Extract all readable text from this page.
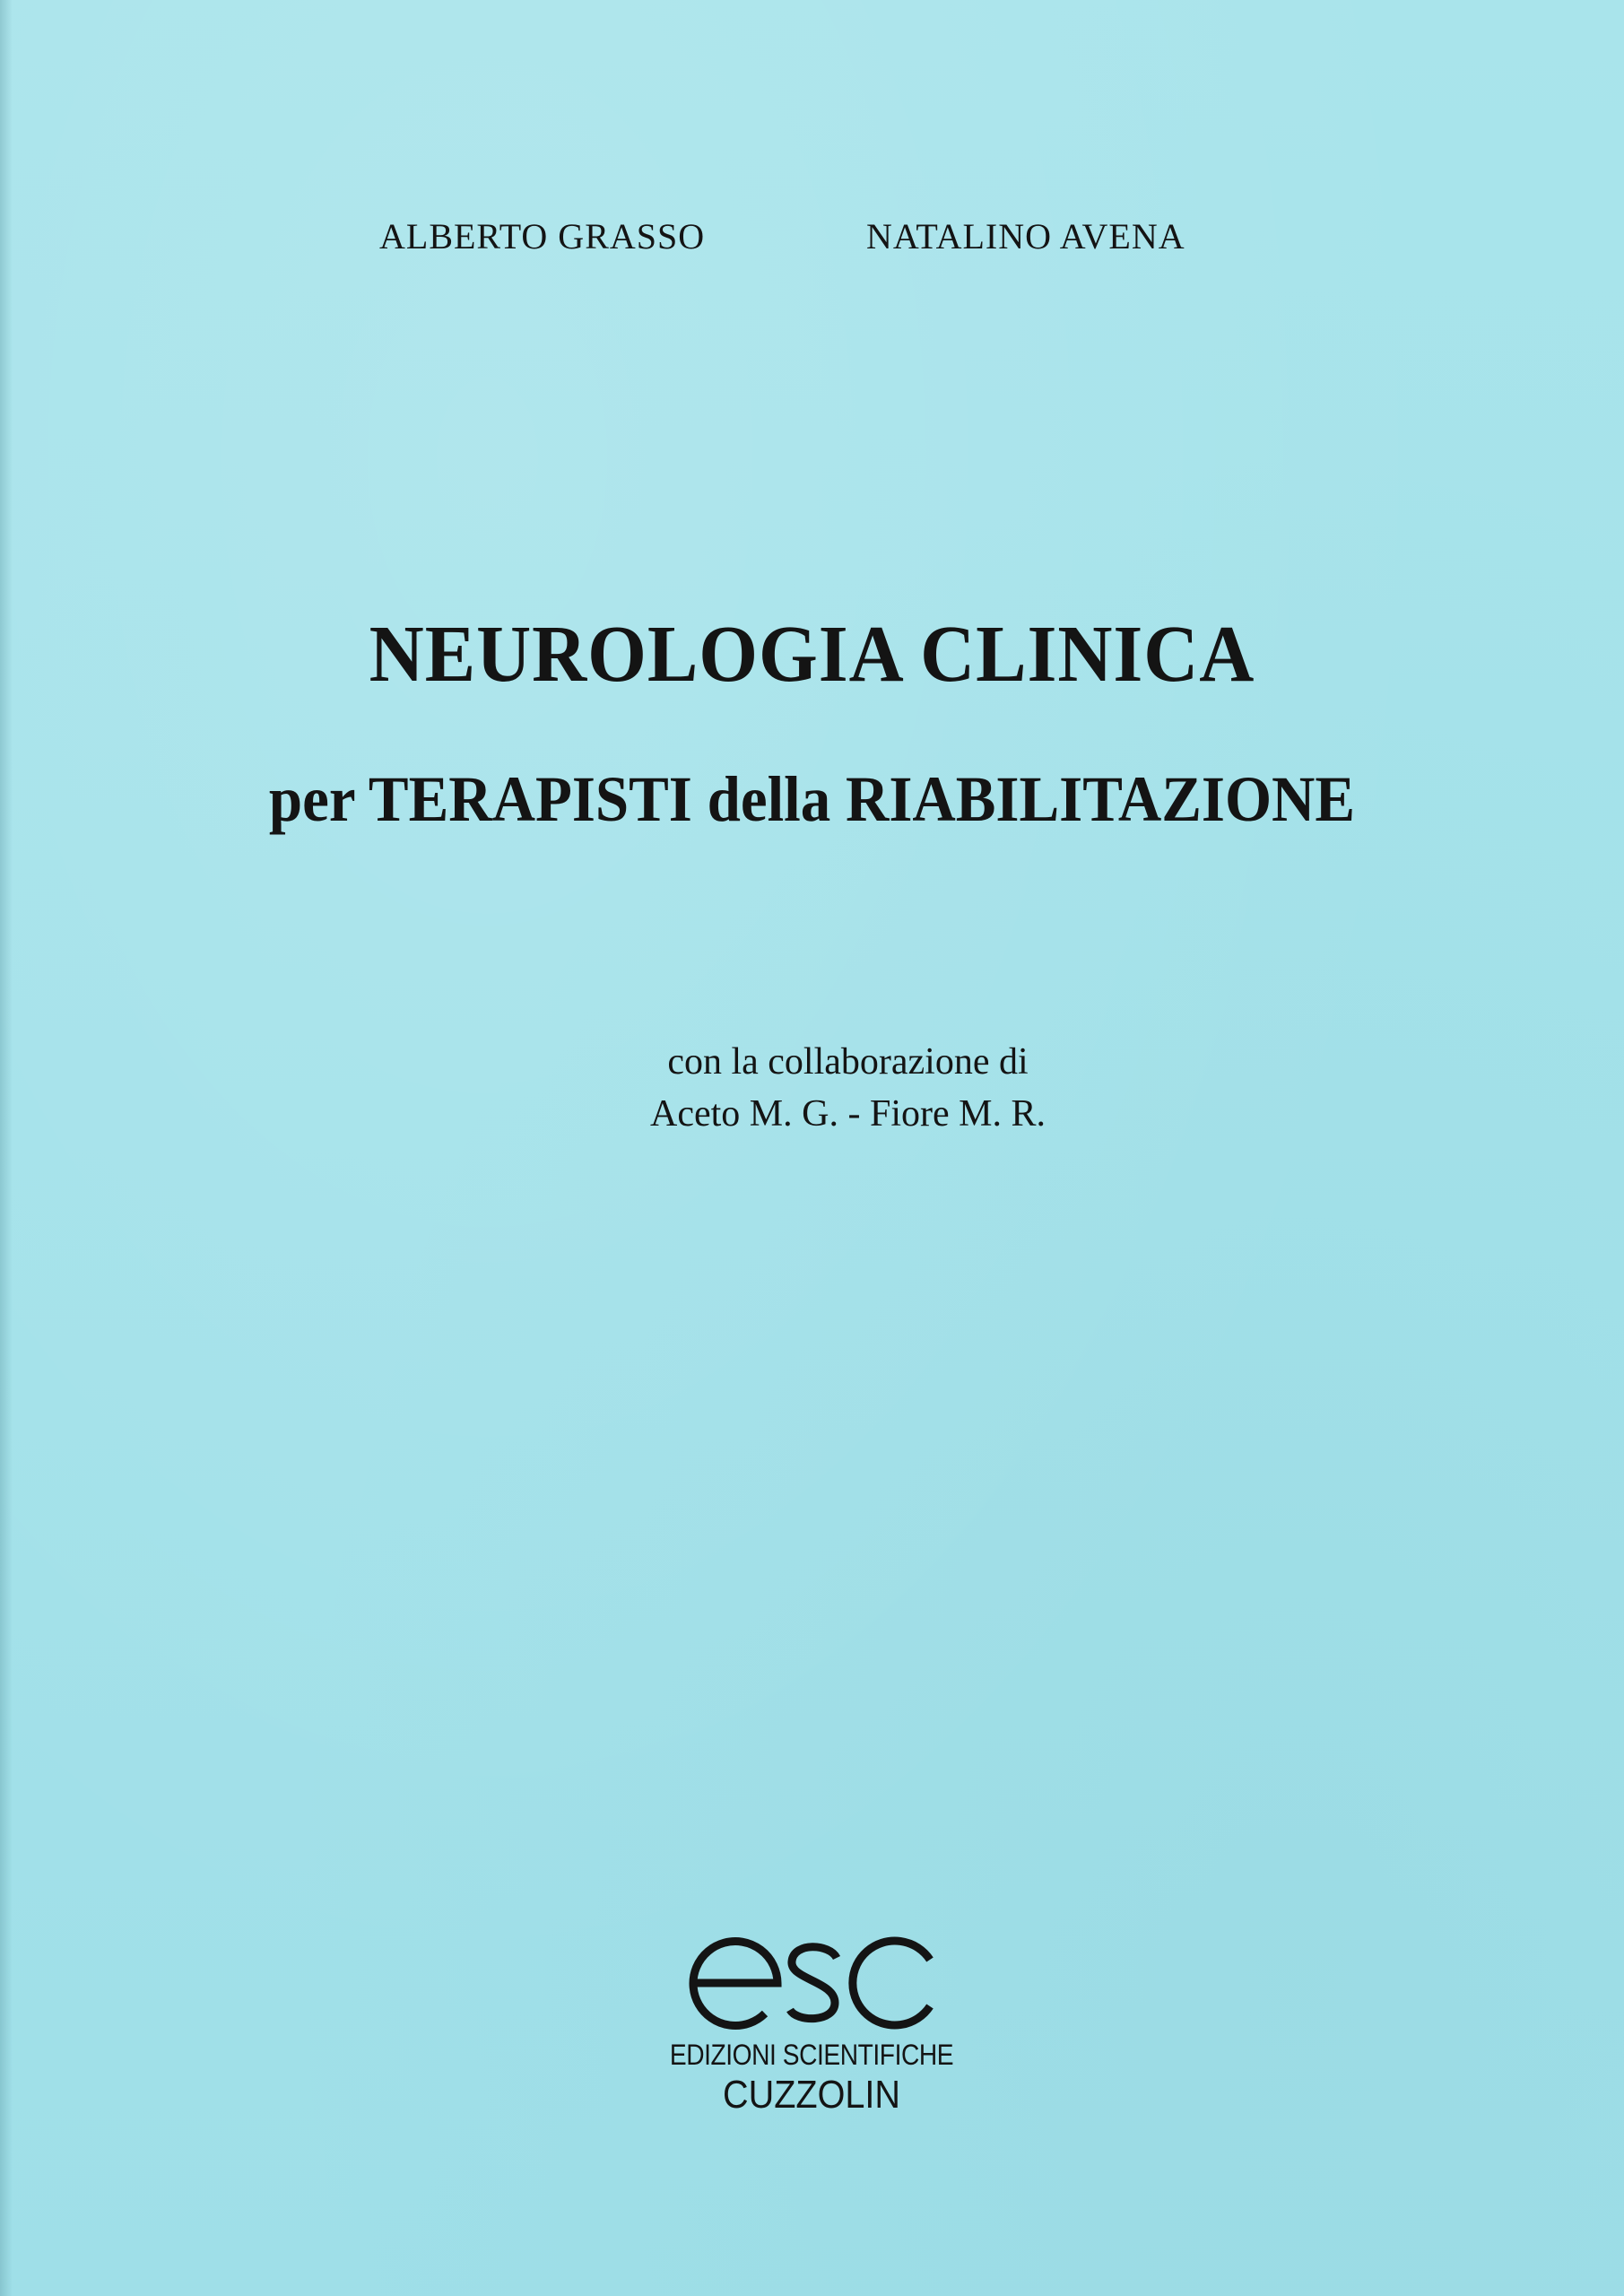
ALBERTO GRASSO	NATALINO AVENA
NEUROLOGIA CLINICA
per TERAPISTI della RIABILITAZIONE
con la collaborazione di
Aceto M. G. - Fiore M. R.
EDIZIONI SCIENTIFICHE
CUZZOLIN
